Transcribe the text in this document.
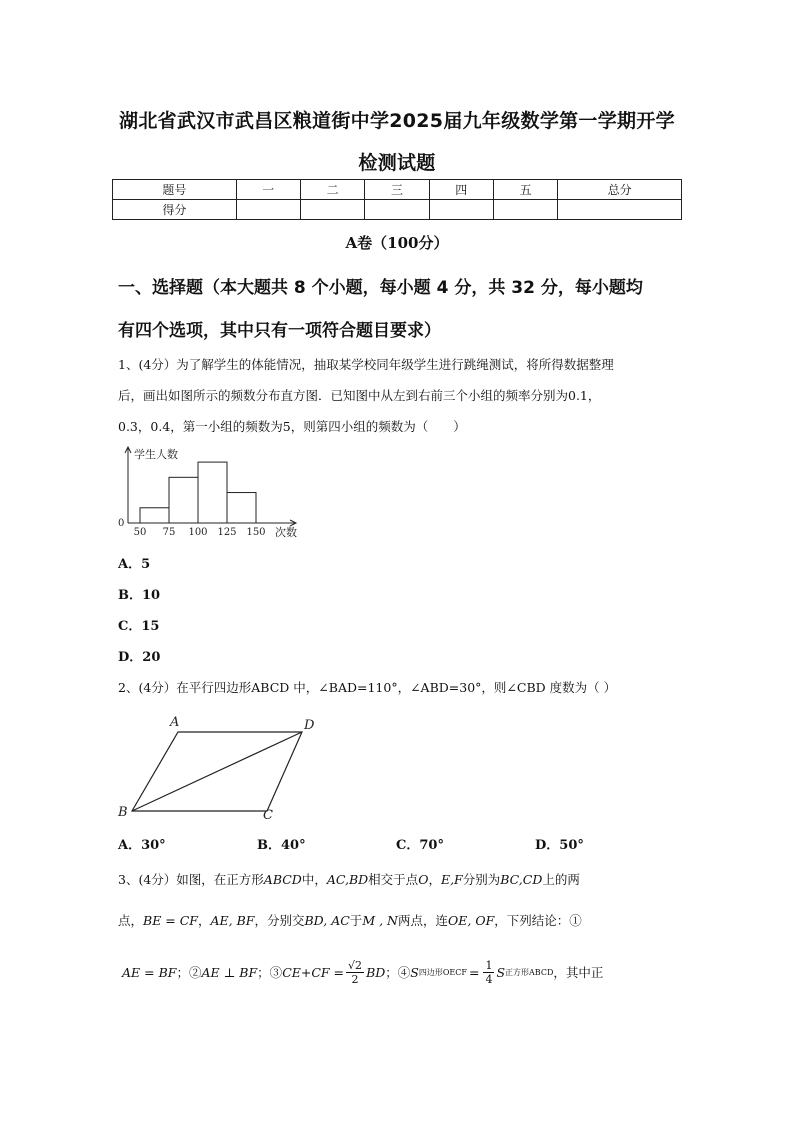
湖北省武汉市武昌区粮道街中学2025届九年级数学第一学期开学
检测试题
题号	一	二	三	四	五	总分
得分						
A卷（100分）
一、选择题（本大题共 8 个小题，每小题 4 分，共 32 分，每小题均
有四个选项，其中只有一项符合题目要求）
1、(4分）为了解学生的体能情况，抽取某学校同年级学生进行跳绳测试，将所得数据整理
后，画出如图所示的频数分布直方图．已知图中从左到右前三个小组的频率分别为0.1，
0.3，0.4，第一小组的频数为5，则第四小组的频数为（　　）
50 75 100 125 150
学生人数
0
次数
A．5
B．10
C．15
D．20
2、(4分）在平行四边形ABCD 中，∠BAD=110°，∠ABD=30°，则∠CBD 度数为（ ）
A	D
B	C
A．30°	B．40°	C．70°	D．50°
3、(4分）如图，在正方形ABCD中，AC,BD相交于点O，E,F分别为BC,CD上的两
点，BE = CF，AE, BF，分别交BD, AC于M , N两点，连OE, OF，下列结论：①
AE = BF ；② AE ⊥ BF ；③ $CE+CF = \frac{√2}{2}$ BD ；④ S 四边形OECF = $\frac{1}{4}$ S 正方形ABCD ，其中正
